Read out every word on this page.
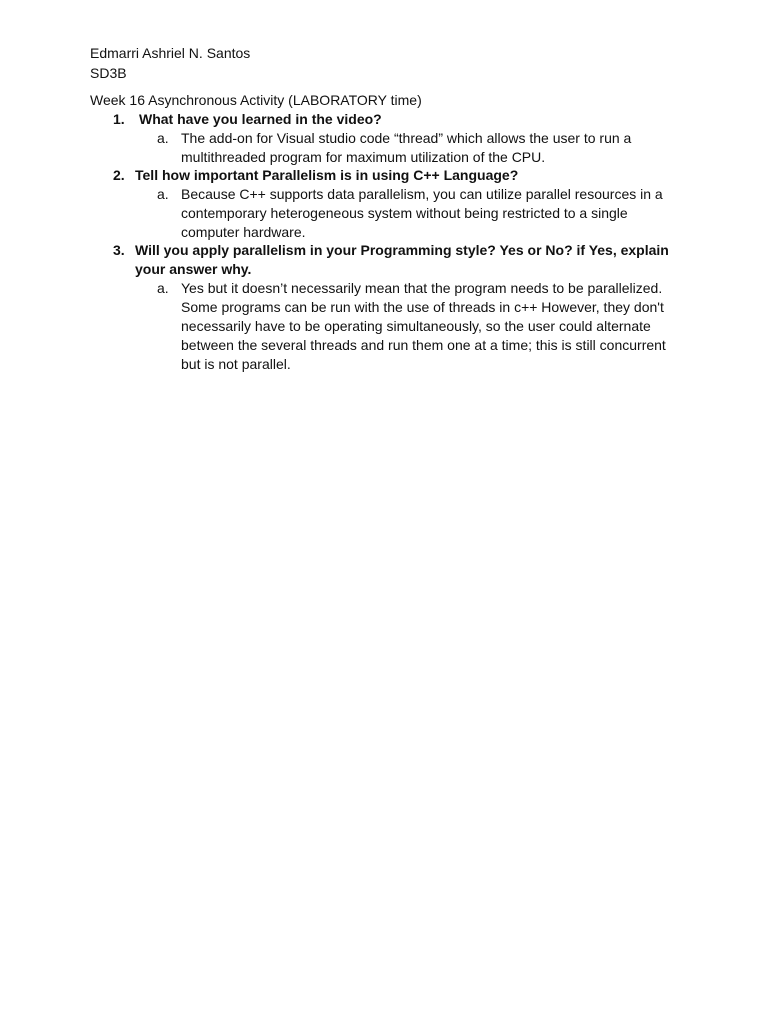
Edmarri Ashriel N. Santos
SD3B
Week 16 Asynchronous Activity (LABORATORY time)
1. What have you learned in the video?
a. The add-on for Visual studio code “thread” which allows the user to run a multithreaded program for maximum utilization of the CPU.
2. Tell how important Parallelism is in using C++ Language?
a. Because C++ supports data parallelism, you can utilize parallel resources in a contemporary heterogeneous system without being restricted to a single computer hardware.
3. Will you apply parallelism in your Programming style? Yes or No? if Yes, explain your answer why.
a. Yes but it doesn’t necessarily mean that the program needs to be parallelized. Some programs can be run with the use of threads in c++ However, they don't necessarily have to be operating simultaneously, so the user could alternate between the several threads and run them one at a time; this is still concurrent but is not parallel.
